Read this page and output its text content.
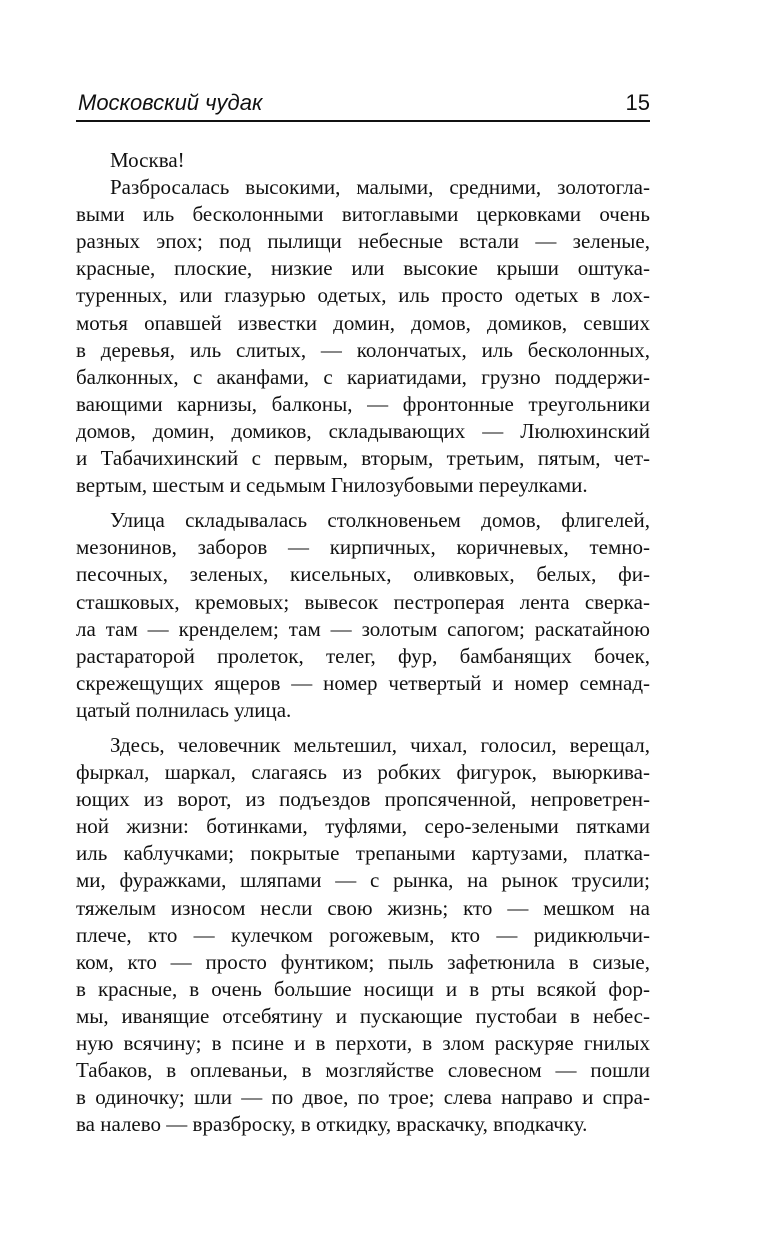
Московский чудак	15
Москва!
Разбросалась высокими, малыми, средними, золотогла-
выми иль бесколонными витоглавыми церковками очень
разных эпох; под пылищи небесные встали — зеленые,
красные, плоские, низкие или высокие крыши оштука-
туренных, или глазурью одетых, иль просто одетых в лох-
мотья опавшей известки домин, домов, домиков, севших
в деревья, иль слитых, — колончатых, иль бесколонных,
балконных, с аканфами, с кариатидами, грузно поддержи-
вающими карнизы, балконы, — фронтонные треугольники
домов, домин, домиков, складывающих — Люлюхинский
и Табачихинский с первым, вторым, третьим, пятым, чет-
вертым, шестым и седьмым Гнилозубовыми переулками.
Улица складывалась столкновеньем домов, флигелей,
мезонинов, заборов — кирпичных, коричневых, темно-
песочных, зеленых, кисельных, оливковых, белых, фи-
сташковых, кремовых; вывесок пестроперая лента сверка-
ла там — кренделем; там — золотым сапогом; раскатайною
растараторой пролеток, телег, фур, бамбанящих бочек,
скрежещущих ящеров — номер четвертый и номер семнад-
цатый полнилась улица.
Здесь, человечник мельтешил, чихал, голосил, верещал,
фыркал, шаркал, слагаясь из робких фигурок, выюркива-
ющих из ворот, из подъездов пропсяченной, непроветрен-
ной жизни: ботинками, туфлями, серо-зелеными пятками
иль каблучками; покрытые трепаными картузами, платка-
ми, фуражками, шляпами — с рынка, на рынок трусили;
тяжелым износом несли свою жизнь; кто — мешком на
плече, кто — кулечком рогожевым, кто — ридикюльчи-
ком, кто — просто фунтиком; пыль зафетюнила в сизые,
в красные, в очень большие носищи и в рты всякой фор-
мы, иванящие отсебятину и пускающие пустобаи в небес-
ную всячину; в псине и в перхоти, в злом раскуряе гнилых
Табаков, в оплеваньи, в мозгляйстве словесном — пошли
в одиночку; шли — по двое, по трое; слева направо и спра-
ва налево — вразброску, в откидку, враскачку, вподкачку.
